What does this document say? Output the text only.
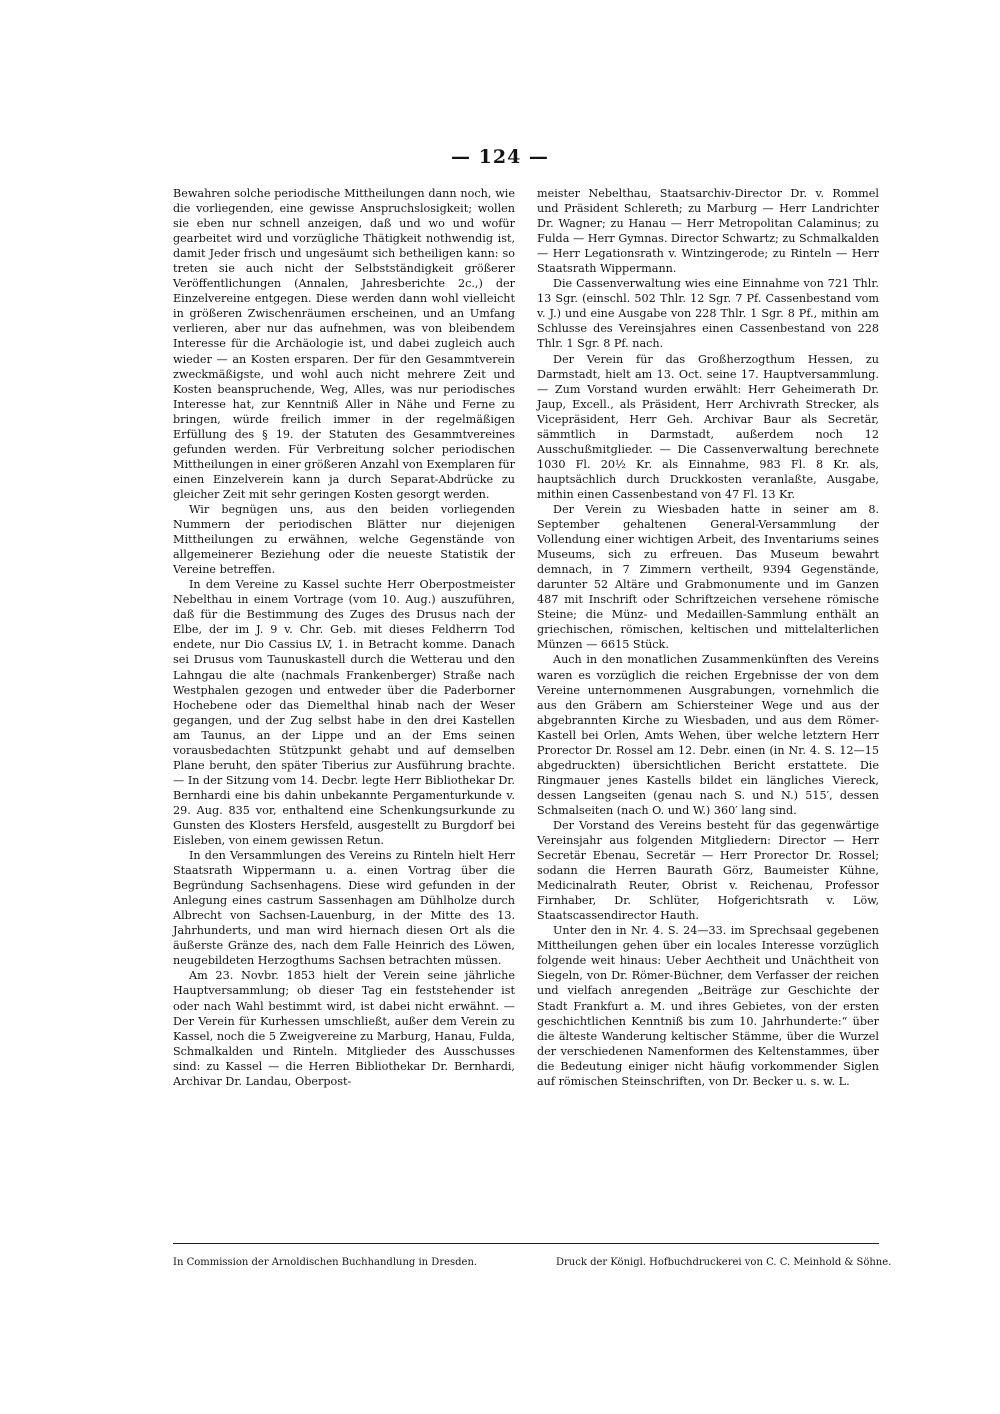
— 124 —

Bewahren solche periodische Mittheilungen dann noch, wie die vorliegenden, eine gewisse Anspruchslosigkeit; wollen sie eben nur schnell anzeigen, daß und wo und wofür gearbeitet wird und vorzügliche Thätigkeit nothwendig ist, damit Jeder frisch und ungesäumt sich betheiligen kann: so treten sie auch nicht der Selbstständigkeit größerer Veröffentlichungen (Annalen, Jahresberichte 2c.,) der Einzelvereine entgegen. Diese werden dann wohl vielleicht in größeren Zwischenräumen erscheinen, und an Umfang verlieren, aber nur das aufnehmen, was von bleibendem Interesse für die Archäologie ist, und dabei zugleich auch wieder — an Kosten ersparen. Der für den Gesammtverein zweckmäßigste, und wohl auch nicht mehrere Zeit und Kosten beanspruchende, Weg, Alles, was nur periodisches Interesse hat, zur Kenntniß Aller in Nähe und Ferne zu bringen, würde freilich immer in der regelmäßigen Erfüllung des § 19. der Statuten des Gesammtvereines gefunden werden. Für Verbreitung solcher periodischen Mittheilungen in einer größeren Anzahl von Exemplaren für einen Einzelverein kann ja durch Separat-Abdrücke zu gleicher Zeit mit sehr geringen Kosten gesorgt werden.

Wir begnügen uns, aus den beiden vorliegenden Nummern der periodischen Blätter nur diejenigen Mittheilungen zu erwähnen, welche Gegenstände von allgemeinerer Beziehung oder die neueste Statistik der Vereine betreffen.

In dem Vereine zu Kassel suchte Herr Oberpostmeister Nebelthau in einem Vortrage (vom 10. Aug.) auszuführen, daß für die Bestimmung des Zuges des Drusus nach der Elbe, der im J. 9 v. Chr. Geb. mit dieses Feldherrn Tod endete, nur Dio Cassius LV, 1. in Betracht komme. Danach sei Drusus vom Taunuskastell durch die Wetterau und den Lahngau die alte (nachmals Frankenberger) Straße nach Westphalen gezogen und entweder über die Paderborner Hochebene oder das Diemelthal hinab nach der Weser gegangen, und der Zug selbst habe in den drei Kastellen am Taunus, an der Lippe und an der Ems seinen vorausbedachten Stützpunkt gehabt und auf demselben Plane beruht, den später Tiberius zur Ausführung brachte. — In der Sitzung vom 14. Decbr. legte Herr Bibliothekar Dr. Bernhardi eine bis dahin unbekannte Pergamenturkunde v. 29. Aug. 835 vor, enthaltend eine Schenkungsurkunde zu Gunsten des Klosters Hersfeld, ausgestellt zu Burgdorf bei Eisleben, von einem gewissen Retun.

In den Versammlungen des Vereins zu Rinteln hielt Herr Staatsrath Wippermann u. a. einen Vortrag über die Begründung Sachsenhagens. Diese wird gefunden in der Anlegung eines castrum Sassenhagen am Dühlholze durch Albrecht von Sachsen-Lauenburg, in der Mitte des 13. Jahrhunderts, und man wird hiernach diesen Ort als die äußerste Gränze des, nach dem Falle Heinrich des Löwen, neugebildeten Herzogthums Sachsen betrachten müssen.

Am 23. Novbr. 1853 hielt der Verein seine jährliche Hauptversammlung; ob dieser Tag ein feststehender ist oder nach Wahl bestimmt wird, ist dabei nicht erwähnt. — Der Verein für Kurhessen umschließt, außer dem Verein zu Kassel, noch die 5 Zweigvereine zu Marburg, Hanau, Fulda, Schmalkalden und Rinteln. Mitglieder des Ausschusses sind: zu Kassel — die Herren Bibliothekar Dr. Bernhardi, Archivar Dr. Landau, Oberpost-

meister Nebelthau, Staatsarchiv-Director Dr. v. Rommel und Präsident Schlereth; zu Marburg — Herr Landrichter Dr. Wagner; zu Hanau — Herr Metropolitan Calaminus; zu Fulda — Herr Gymnas. Director Schwartz; zu Schmalkalden — Herr Legationsrath v. Wintzingerode; zu Rinteln — Herr Staatsrath Wippermann.

Die Cassenverwaltung wies eine Einnahme von 721 Thlr. 13 Sgr. (einschl. 502 Thlr. 12 Sgr. 7 Pf. Cassenbestand vom v. J.) und eine Ausgabe von 228 Thlr. 1 Sgr. 8 Pf., mithin am Schlusse des Vereinsjahres einen Cassenbestand von 228 Thlr. 1 Sgr. 8 Pf. nach.

Der Verein für das Großherzogthum Hessen, zu Darmstadt, hielt am 13. Oct. seine 17. Hauptversammlung. — Zum Vorstand wurden erwählt: Herr Geheimerath Dr. Jaup, Excell., als Präsident, Herr Archivrath Strecker, als Vicepräsident, Herr Geh. Archivar Baur als Secretär, sämmtlich in Darmstadt, außerdem noch 12 Ausschußmitglieder. — Die Cassenverwaltung berechnete 1030 Fl. 20½ Kr. als Einnahme, 983 Fl. 8 Kr. als, hauptsächlich durch Druckkosten veranlaßte, Ausgabe, mithin einen Cassenbestand von 47 Fl. 13 Kr.

Der Verein zu Wiesbaden hatte in seiner am 8. September gehaltenen General-Versammlung der Vollendung einer wichtigen Arbeit, des Inventariums seines Museums, sich zu erfreuen. Das Museum bewahrt demnach, in 7 Zimmern vertheilt, 9394 Gegenstände, darunter 52 Altäre und Grabmonumente und im Ganzen 487 mit Inschrift oder Schriftzeichen versehene römische Steine; die Münz- und Medaillen-Sammlung enthält an griechischen, römischen, keltischen und mittelalterlichen Münzen — 6615 Stück.

Auch in den monatlichen Zusammenkünften des Vereins waren es vorzüglich die reichen Ergebnisse der von dem Vereine unternommenen Ausgrabungen, vornehmlich die aus den Gräbern am Schiersteiner Wege und aus der abgebrannten Kirche zu Wiesbaden, und aus dem Römer-Kastell bei Orlen, Amts Wehen, über welche letztern Herr Prorector Dr. Rossel am 12. Debr. einen (in Nr. 4. S. 12—15 abgedruckten) übersichtlichen Bericht erstattete. Die Ringmauer jenes Kastells bildet ein längliches Viereck, dessen Langseiten (genau nach S. und N.) 515′, dessen Schmalseiten (nach O. und W.) 360′ lang sind.

Der Vorstand des Vereins besteht für das gegenwärtige Vereinsjahr aus folgenden Mitgliedern: Director — Herr Secretär Ebenau, Secretär — Herr Prorector Dr. Rossel; sodann die Herren Baurath Görz, Baumeister Kühne, Medicinalrath Reuter, Obrist v. Reichenau, Professor Firnhaber, Dr. Schlüter, Hofgerichtsrath v. Löw, Staatscassendirector Hauth.

Unter den in Nr. 4. S. 24—33. im Sprechsaal gegebenen Mittheilungen gehen über ein locales Interesse vorzüglich folgende weit hinaus: Ueber Aechtheit und Unächtheit von Siegeln, von Dr. Römer-Büchner, dem Verfasser der reichen und vielfach anregenden „Beiträge zur Geschichte der Stadt Frankfurt a. M. und ihres Gebietes, von der ersten geschichtlichen Kenntniß bis zum 10. Jahrhunderte:“ über die älteste Wanderung keltischer Stämme, über die Wurzel der verschiedenen Namenformen des Keltenstammes, über die Bedeutung einiger nicht häufig vorkommender Siglen auf römischen Steinschriften, von Dr. Becker u. s. w. L.

In Commission der Arnoldischen Buchhandlung in Dresden.	Druck der Königl. Hofbuchdruckerei von C. C. Meinhold & Söhne.
